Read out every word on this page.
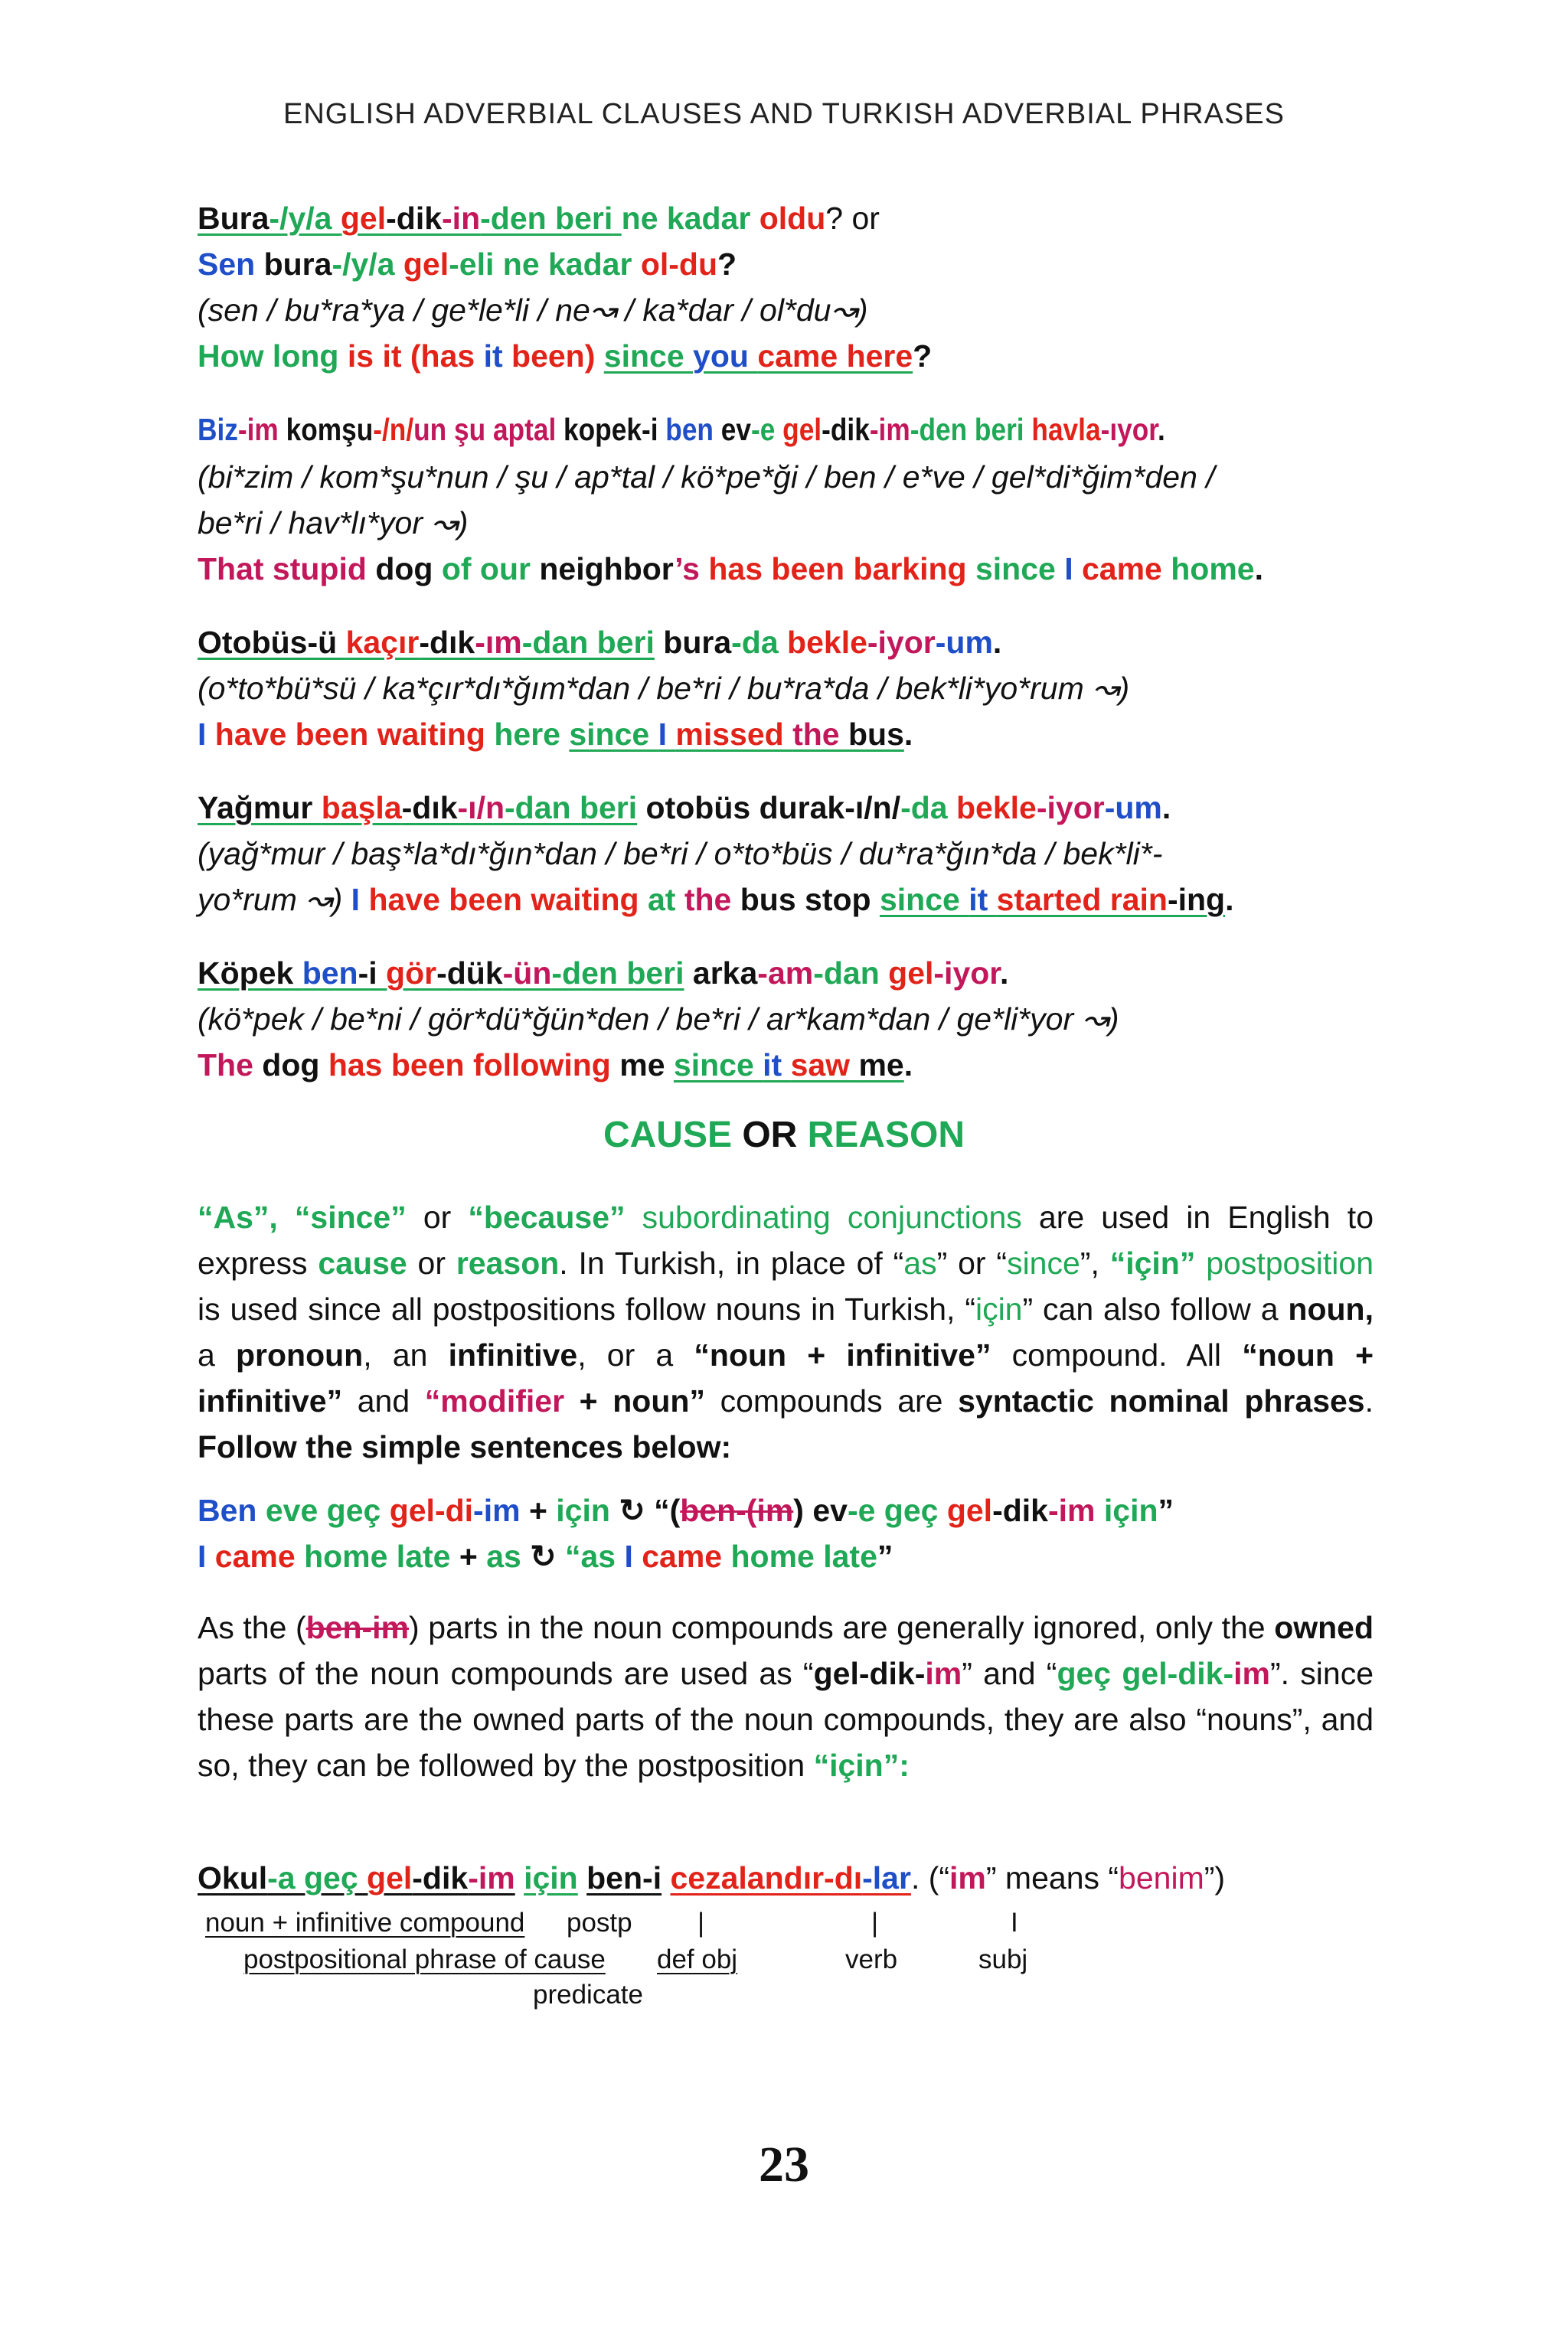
ENGLISH ADVERBIAL CLAUSES AND TURKISH ADVERBIAL PHRASES
Bura-/y/a gel-dik-in-den beri ne kadar oldu? or
Sen bura-/y/a gel-eli ne kadar ol-du?
(sen / bu*ra*ya / ge*le*li / ne↝ / ka*dar / ol*du↝)
How long is it (has it been) since you came here?
Biz-im komşu-/n/un şu aptal kopek-i ben ev-e gel-dik-im-den beri havla-ıyor.
(bi*zim / kom*şu*nun / şu / ap*tal / kö*pe*ği / ben / e*ve / gel*di*ğim*den /
be*ri / hav*lı*yor ↝)
That stupid dog of our neighbor’s has been barking since I came home.
Otobüs-ü kaçır-dık-ım-dan beri bura-da bekle-iyor-um.
(o*to*bü*sü / ka*çır*dı*ğım*dan / be*ri / bu*ra*da / bek*li*yo*rum ↝)
I have been waiting here since I missed the bus.
Yağmur başla-dık-ı/n-dan beri otobüs durak-ı/n/-da bekle-iyor-um.
(yağ*mur / baş*la*dı*ğın*dan / be*ri / o*to*büs / du*ra*ğın*da / bek*li*-
yo*rum ↝) I have been waiting at the bus stop since it started rain-ing.
Köpek ben-i gör-dük-ün-den beri arka-am-dan gel-iyor.
(kö*pek / be*ni / gör*dü*ğün*den / be*ri / ar*kam*dan / ge*li*yor ↝)
The dog has been following me since it saw me.
CAUSE OR REASON
“As”, “since” or “because” subordinating conjunctions are used in English to express cause or reason. In Turkish, in place of “as” or “since”, “için” postposition is used since all postpositions follow nouns in Turkish, “için” can also follow a noun, a pronoun, an infinitive, or a “noun + infinitive” compound. All “noun + infinitive” and “modifier + noun” compounds are syntactic nominal phrases. Follow the simple sentences below:
Ben eve geç gel-di-im + için ↻ “(ben-(im) ev-e geç gel-dik-im için”
I came home late + as ↻ “as I came home late”
As the (ben-im) parts in the noun compounds are generally ignored, only the owned parts of the noun compounds are used as “gel-dik-im” and “geç gel-dik-im”. since these parts are the owned parts of the noun compounds, they are also “nouns”, and so, they can be followed by the postposition “için”:
Okul-a geç gel-dik-im için ben-i cezalandır-dı-lar. (“im” means “benim”)
noun + infinitive compound postp |	|	I
postpositional phrase of cause def obj	verb	subj
predicate
23
